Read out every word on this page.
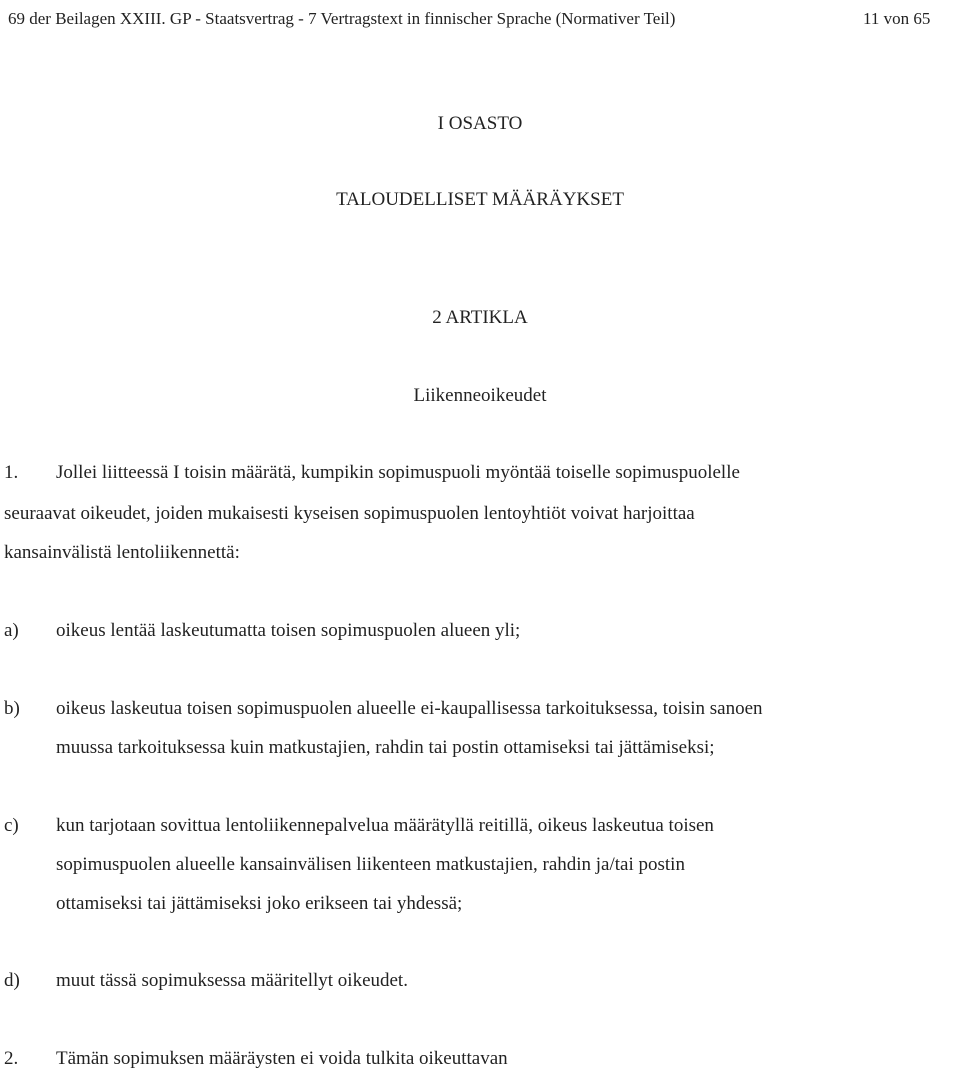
69 der Beilagen XXIII. GP - Staatsvertrag - 7 Vertragstext in finnischer Sprache (Normativer Teil)	11 von 65
I OSASTO
TALOUDELLISET MÄÄRÄYKSET
2 ARTIKLA
Liikenneoikeudet
1. Jollei liitteessä I toisin määrätä, kumpikin sopimuspuoli myöntää toiselle sopimuspuolelle
seuraavat oikeudet, joiden mukaisesti kyseisen sopimuspuolen lentoyhtiöt voivat harjoittaa
kansainvälistä lentoliikennettä:
a) oikeus lentää laskeutumatta toisen sopimuspuolen alueen yli;
b) oikeus laskeutua toisen sopimuspuolen alueelle ei-kaupallisessa tarkoituksessa, toisin sanoen
muussa tarkoituksessa kuin matkustajien, rahdin tai postin ottamiseksi tai jättämiseksi;
c) kun tarjotaan sovittua lentoliikennepalvelua määrätyllä reitillä, oikeus laskeutua toisen
sopimuspuolen alueelle kansainvälisen liikenteen matkustajien, rahdin ja/tai postin
ottamiseksi tai jättämiseksi joko erikseen tai yhdessä;
d) muut tässä sopimuksessa määritellyt oikeudet.
2. Tämän sopimuksen määräysten ei voida tulkita oikeuttavan
